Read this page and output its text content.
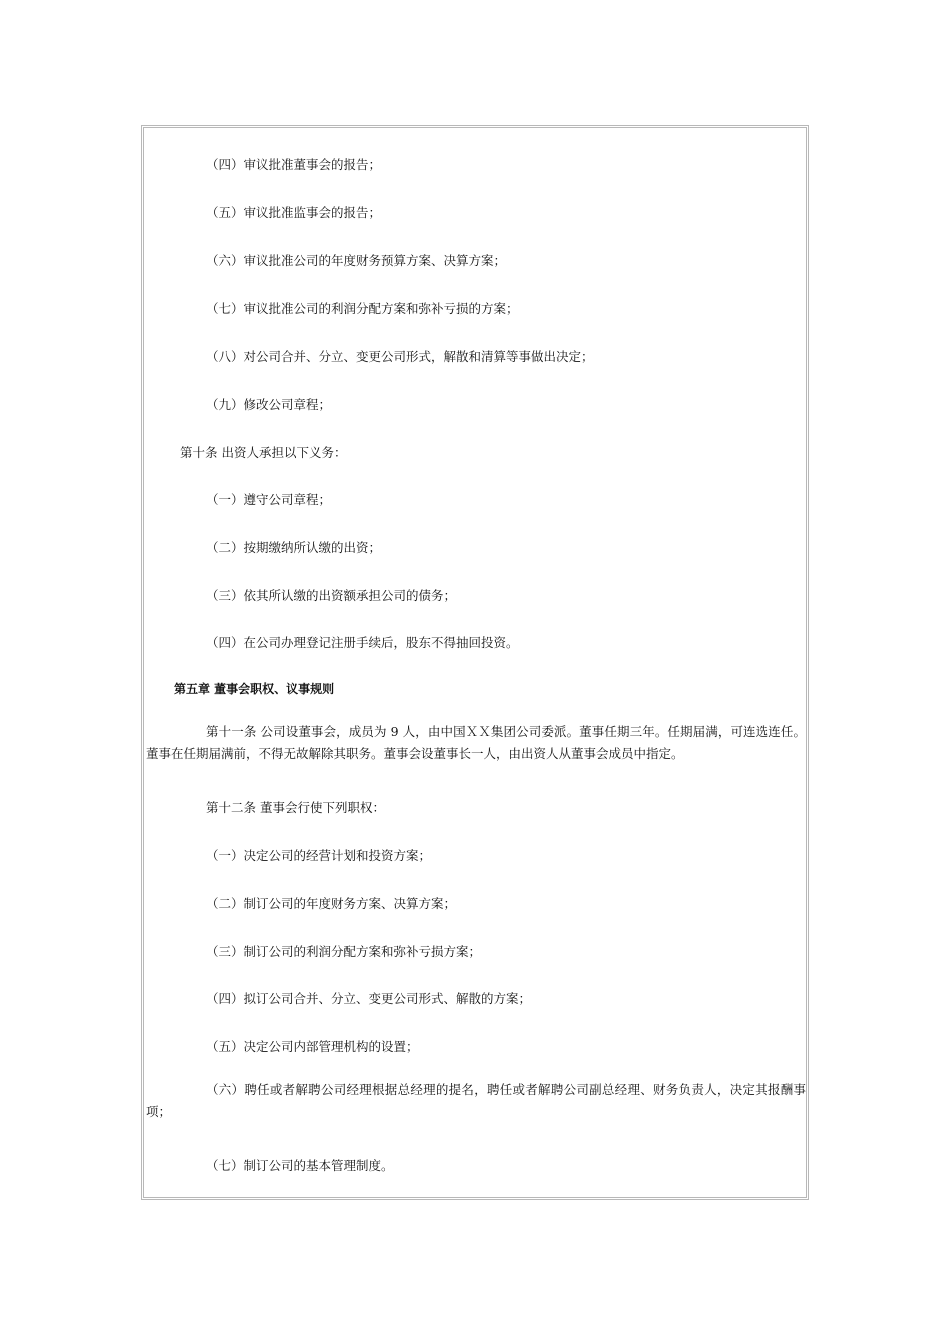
（四）审议批准董事会的报告；
（五）审议批准监事会的报告；
（六）审议批准公司的年度财务预算方案、决算方案；
（七）审议批准公司的利润分配方案和弥补亏损的方案；
（八）对公司合并、分立、变更公司形式，解散和清算等事做出决定；
（九）修改公司章程；
第十条 出资人承担以下义务：
（一）遵守公司章程；
（二）按期缴纳所认缴的出资；
（三）依其所认缴的出资额承担公司的债务；
（四）在公司办理登记注册手续后，股东不得抽回投资。
第五章 董事会职权、议事规则
第十一条 公司设董事会，成员为 9 人，由中国ＸＸ集团公司委派。董事任期三年。任期届满，可连选连任。董事在任期届满前，不得无故解除其职务。董事会设董事长一人，由出资人从董事会成员中指定。
第十二条 董事会行使下列职权：
（一）决定公司的经营计划和投资方案；
（二）制订公司的年度财务方案、决算方案；
（三）制订公司的利润分配方案和弥补亏损方案；
（四）拟订公司合并、分立、变更公司形式、解散的方案；
（五）决定公司内部管理机构的设置；
（六）聘任或者解聘公司经理根据总经理的提名，聘任或者解聘公司副总经理、财务负责人，决定其报酬事项；
（七）制订公司的基本管理制度。
